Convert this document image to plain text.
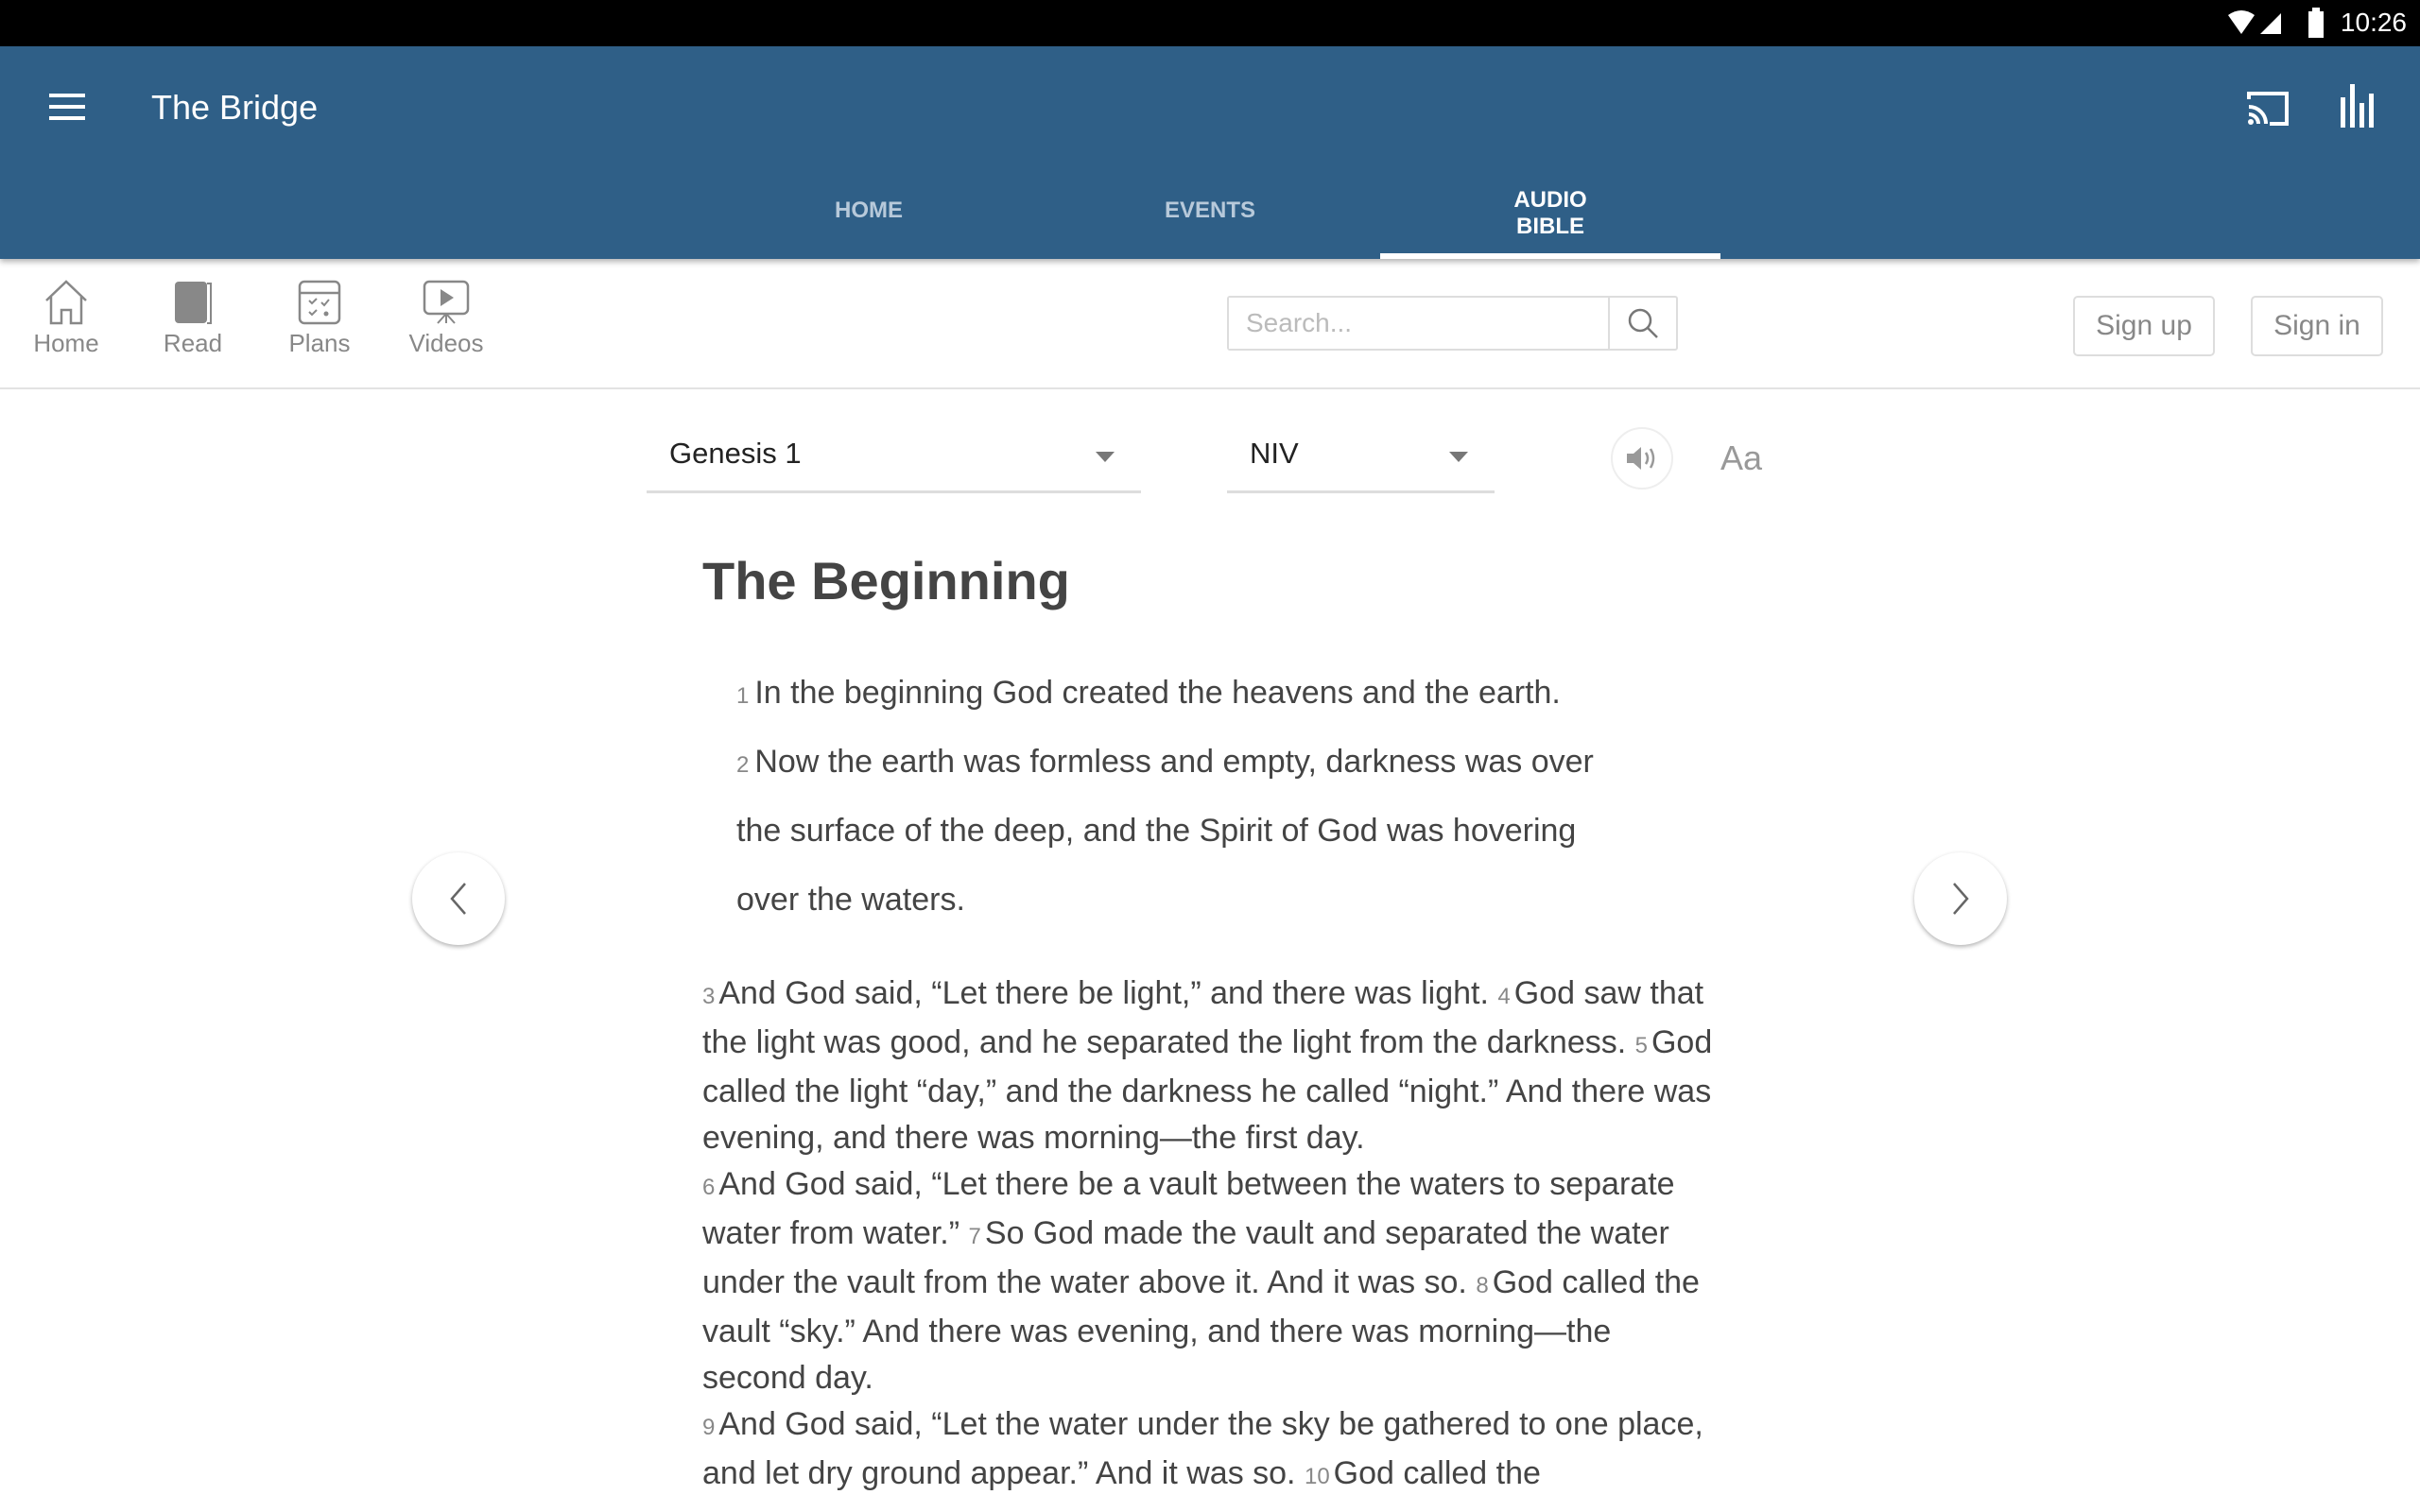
10:26
The Bridge
HOME	EVENTS	AUDIO BIBLE
Home	Read	Plans	Videos
Search...
Sign up	Sign in
Genesis 1	NIV	Aa
The Beginning
1 In the beginning God created the heavens and the earth.
2 Now the earth was formless and empty, darkness was over
the surface of the deep, and the Spirit of God was hovering
over the waters.
3 And God said, “Let there be light,” and there was light. 4 God saw that the light was good, and he separated the light from the darkness. 5 God called the light “day,” and the darkness he called “night.” And there was evening, and there was morning—the first day.
6 And God said, “Let there be a vault between the waters to separate water from water.” 7 So God made the vault and separated the water under the vault from the water above it. And it was so. 8 God called the vault “sky.” And there was evening, and there was morning—the second day.
9 And God said, “Let the water under the sky be gathered to one place, and let dry ground appear.” And it was so. 10 God called the
